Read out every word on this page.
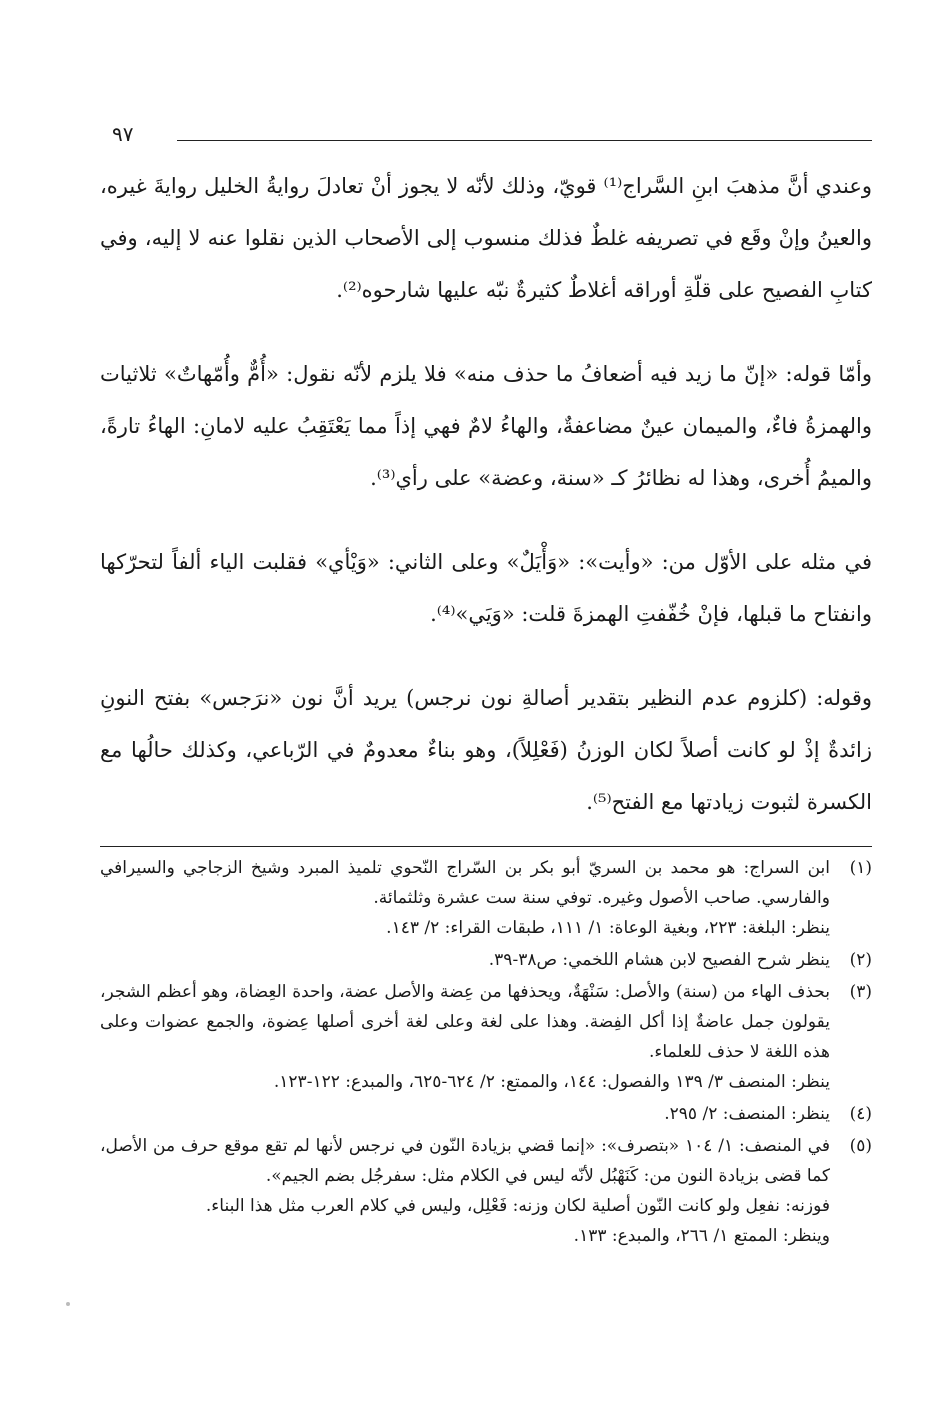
٩٧

وعندي أنَّ مذهبَ ابنِ السَّراج⁽¹⁾ قويّ، وذلك لأنّه لا يجوز أنْ تعادلَ روايةُ الخليل روايةَ غيره، والعينُ وإنْ وقَع في تصريفه غلطٌ فذلك منسوب إلى الأصحاب الذين نقلوا عنه لا إليه، وفي كتابِ الفصيح على قلّةِ أوراقه أغلاطٌ كثيرةٌ نبّه عليها شارحوه⁽²⁾.

وأمّا قوله: «إنّ ما زيد فيه أضعافُ ما حذف منه» فلا يلزم لأنّه نقول: «أُمٌّ وأُمّهاتٌ» ثلاثيات والهمزةُ فاءٌ، والميمان عينٌ مضاعفةٌ، والهاءُ لامٌ فهي إذاً مما يَعْتَقِبُ عليه لامانِ: الهاءُ تارةً، والميمُ أُخرى، وهذا له نظائرُ كـ «سنة، وعضة» على رأي⁽³⁾.

في مثله على الأوّل من: «وأيت»: «وَأْيَلٌ» وعلى الثاني: «وَيْأي» فقلبت الياء ألفاً لتحرّكها وانفتاح ما قبلها، فإنْ خُفّفتِ الهمزةَ قلت: «وَيَي»⁽⁴⁾.

وقوله: (كلزوم عدم النظير بتقدير أصالةِ نون نرجس) يريد أنَّ نون «نرَجس» بفتح النونِ زائدةٌ إذْ لو كانت أصلاً لكان الوزنُ (فَعْلِلاً)، وهو بناءٌ معدومٌ في الرّباعي، وكذلك حالُها مع الكسرة لثبوت زيادتها مع الفتح⁽⁵⁾.

(١)

ابن السراج: هو محمد بن السريّ أبو بكر بن السّراج النّحوي تلميذ المبرد وشيخ الزجاجي والسيرافي والفارسي. صاحب الأصول وغيره. توفي سنة ست عشرة وثلثمائة.

ينظر: البلغة: ٢٢٣، وبغية الوعاة: ١/ ١١١، طبقات القراء: ٢/ ١٤٣.

(٢)

ينظر شرح الفصيح لابن هشام اللخمي: ص٣٨-٣٩.

(٣)

بحذف الهاء من (سنة) والأصل: سَنْهَةٌ، ويحذفها من عِضة والأصل عضة، واحدة العِضاة، وهو أعظم الشجر، يقولون جمل عاضةٌ إذا أكل الفِضة. وهذا على لغة وعلى لغة أخرى أصلها عِضوة، والجمع عضوات وعلى هذه اللغة لا حذف للعلماء.

ينظر: المنصف ٣/ ١٣٩ والفصول: ١٤٤، والممتع: ٢/ ٦٢٤-٦٢٥، والمبدع: ١٢٢-١٢٣.

(٤)

ينظر: المنصف: ٢/ ٢٩٥.

(٥)

في المنصف: ١/ ١٠٤ «بتصرف»: «إنما قضي بزيادة النّون في نرجس لأنها لم تقع موقع حرف من الأصل، كما قضى بزيادة النون من: كَنَهْبُل لأنّه ليس في الكلام مثل: سفرجُل بضم الجيم».

فوزنه: نفعِل ولو كانت النّون أصلية لكان وزنه: فَعْلِل، وليس في كلام العرب مثل هذا البناء.

وينظر: الممتع ١/ ٢٦٦، والمبدع: ١٣٣.
